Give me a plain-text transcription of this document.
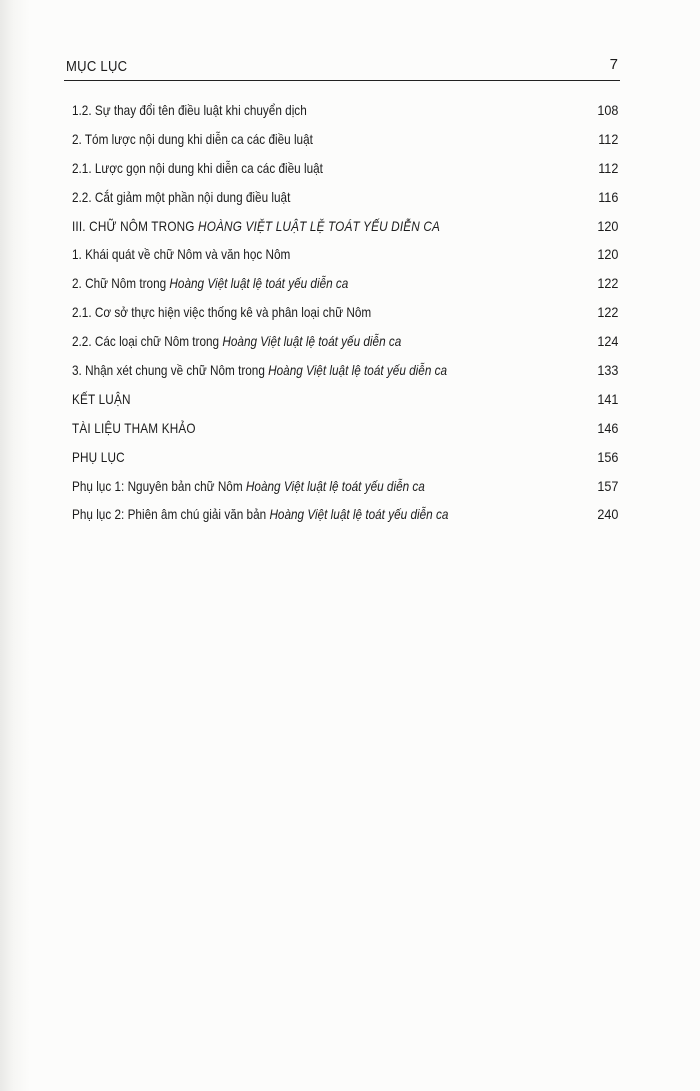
MỤC LỤC	7
1.2. Sự thay đổi tên điều luật khi chuyển dịch	108
2. Tóm lược nội dung khi diễn ca các điều luật	112
2.1. Lược gọn nội dung khi diễn ca các điều luật	112
2.2. Cắt giảm một phần nội dung điều luật	116
III. CHỮ NÔM TRONG HOÀNG VIỆT LUẬT LỆ TOÁT YẾU DIỄN CA	120
1. Khái quát về chữ Nôm và văn học Nôm	120
2. Chữ Nôm trong Hoàng Việt luật lệ toát yếu diễn ca	122
2.1. Cơ sở thực hiện việc thống kê và phân loại chữ Nôm	122
2.2. Các loại chữ Nôm trong Hoàng Việt luật lệ toát yếu diễn ca	124
3. Nhận xét chung về chữ Nôm trong Hoàng Việt luật lệ toát yếu diễn ca	133
KẾT LUẬN	141
TÀI LIỆU THAM KHẢO	146
PHỤ LỤC	156
Phụ lục 1: Nguyên bản chữ Nôm Hoàng Việt luật lệ toát yếu diễn ca	157
Phụ lục 2: Phiên âm chú giải văn bản Hoàng Việt luật lệ toát yếu diễn ca	240
